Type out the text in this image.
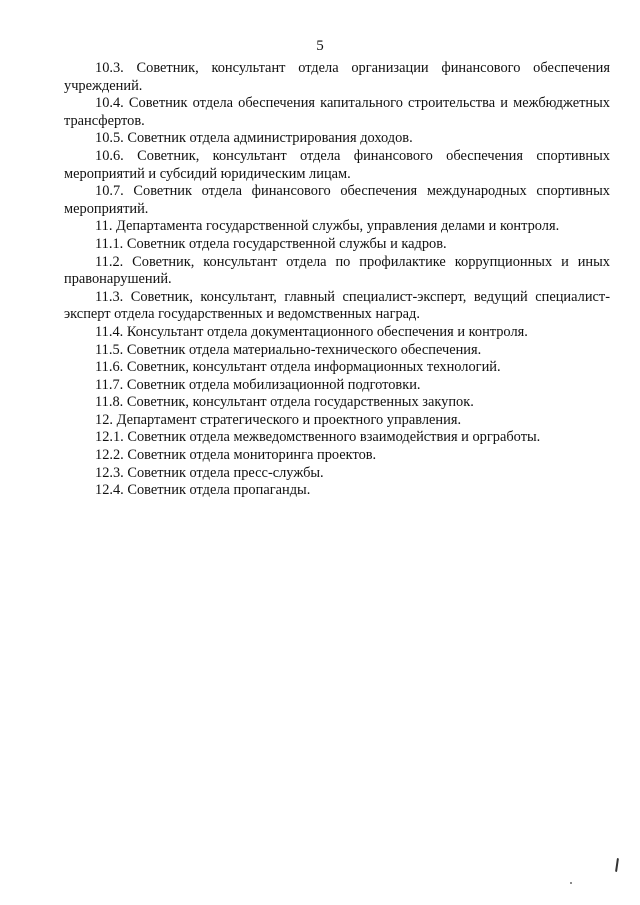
5

10.3. Советник, консультант отдела организации финансового обеспечения учреждений.

10.4. Советник отдела обеспечения капитального строительства и межбюджетных трансфертов.

10.5. Советник отдела администрирования доходов.

10.6. Советник, консультант отдела финансового обеспечения спортивных мероприятий и субсидий юридическим лицам.

10.7. Советник отдела финансового обеспечения международных спортивных мероприятий.

11. Департамента государственной службы, управления делами и контроля.

11.1. Советник отдела государственной службы и кадров.

11.2. Советник, консультант отдела по профилактике коррупционных и иных правонарушений.

11.3. Советник, консультант, главный специалист-эксперт, ведущий специалист-эксперт отдела государственных и ведомственных наград.

11.4. Консультант отдела документационного обеспечения и контроля.

11.5. Советник отдела материально-технического обеспечения.

11.6. Советник, консультант отдела информационных технологий.

11.7. Советник отдела мобилизационной подготовки.

11.8. Советник, консультант отдела государственных закупок.

12. Департамент стратегического и проектного управления.

12.1. Советник отдела межведомственного взаимодействия и оргработы.

12.2. Советник отдела мониторинга проектов.

12.3. Советник отдела пресс-службы.

12.4. Советник отдела пропаганды.
